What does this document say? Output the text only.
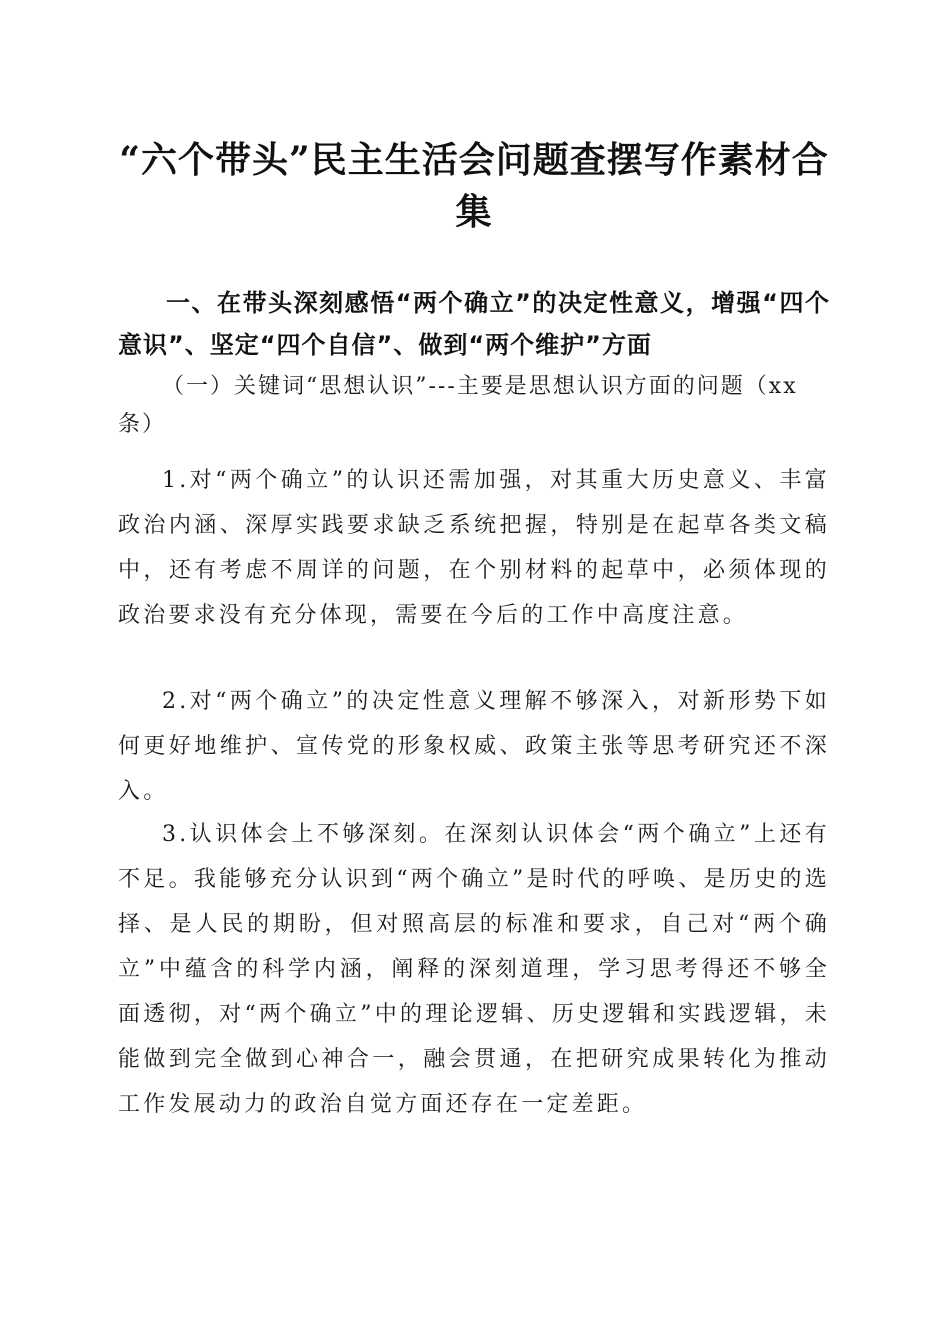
“六个带头”民主生活会问题查摆写作素材合集

一、在带头深刻感悟“两个确立”的决定性意义，增强“四个意识”、坚定“四个自信”、做到“两个维护”方面

（一）关键词“思想认识”---主要是思想认识方面的问题（xx条）

1.对“两个确立”的认识还需加强，对其重大历史意义、丰富政治内涵、深厚实践要求缺乏系统把握，特别是在起草各类文稿中，还有考虑不周详的问题，在个别材料的起草中，必须体现的政治要求没有充分体现，需要在今后的工作中高度注意。

2.对“两个确立”的决定性意义理解不够深入，对新形势下如何更好地维护、宣传党的形象权威、政策主张等思考研究还不深入。

3.认识体会上不够深刻。在深刻认识体会“两个确立”上还有不足。我能够充分认识到“两个确立”是时代的呼唤、是历史的选择、是人民的期盼，但对照高层的标准和要求，自己对“两个确立”中蕴含的科学内涵，阐释的深刻道理，学习思考得还不够全面透彻，对“两个确立”中的理论逻辑、历史逻辑和实践逻辑，未能做到完全做到心神合一，融会贯通，在把研究成果转化为推动工作发展动力的政治自觉方面还存在一定差距。
